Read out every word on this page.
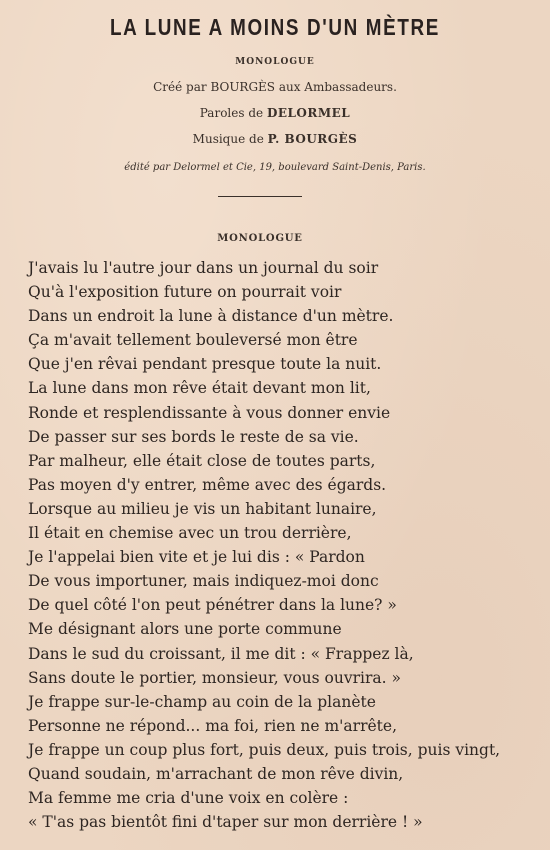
LA LUNE A MOINS D'UN MÈTRE
MONOLOGUE
Créé par BOURGÈS aux Ambassadeurs.
Paroles de DELORMEL
Musique de P. BOURGÈS
édité par Delormel et Cie, 19, boulevard Saint-Denis, Paris.
MONOLOGUE
J'avais lu l'autre jour dans un journal du soir
Qu'à l'exposition future on pourrait voir
Dans un endroit la lune à distance d'un mètre.
Ça m'avait tellement bouleversé mon être
Que j'en rêvai pendant presque toute la nuit.
La lune dans mon rêve était devant mon lit,
Ronde et resplendissante à vous donner envie
De passer sur ses bords le reste de sa vie.
Par malheur, elle était close de toutes parts,
Pas moyen d'y entrer, même avec des égards.
Lorsque au milieu je vis un habitant lunaire,
Il était en chemise avec un trou derrière,
Je l'appelai bien vite et je lui dis : « Pardon
De vous importuner, mais indiquez-moi donc
De quel côté l'on peut pénétrer dans la lune? »
Me désignant alors une porte commune
Dans le sud du croissant, il me dit : « Frappez là,
Sans doute le portier, monsieur, vous ouvrira. »
Je frappe sur-le-champ au coin de la planète
Personne ne répond... ma foi, rien ne m'arrête,
Je frappe un coup plus fort, puis deux, puis trois, puis vingt,
Quand soudain, m'arrachant de mon rêve divin,
Ma femme me cria d'une voix en colère :
« T'as pas bientôt fini d'taper sur mon derrière ! »
